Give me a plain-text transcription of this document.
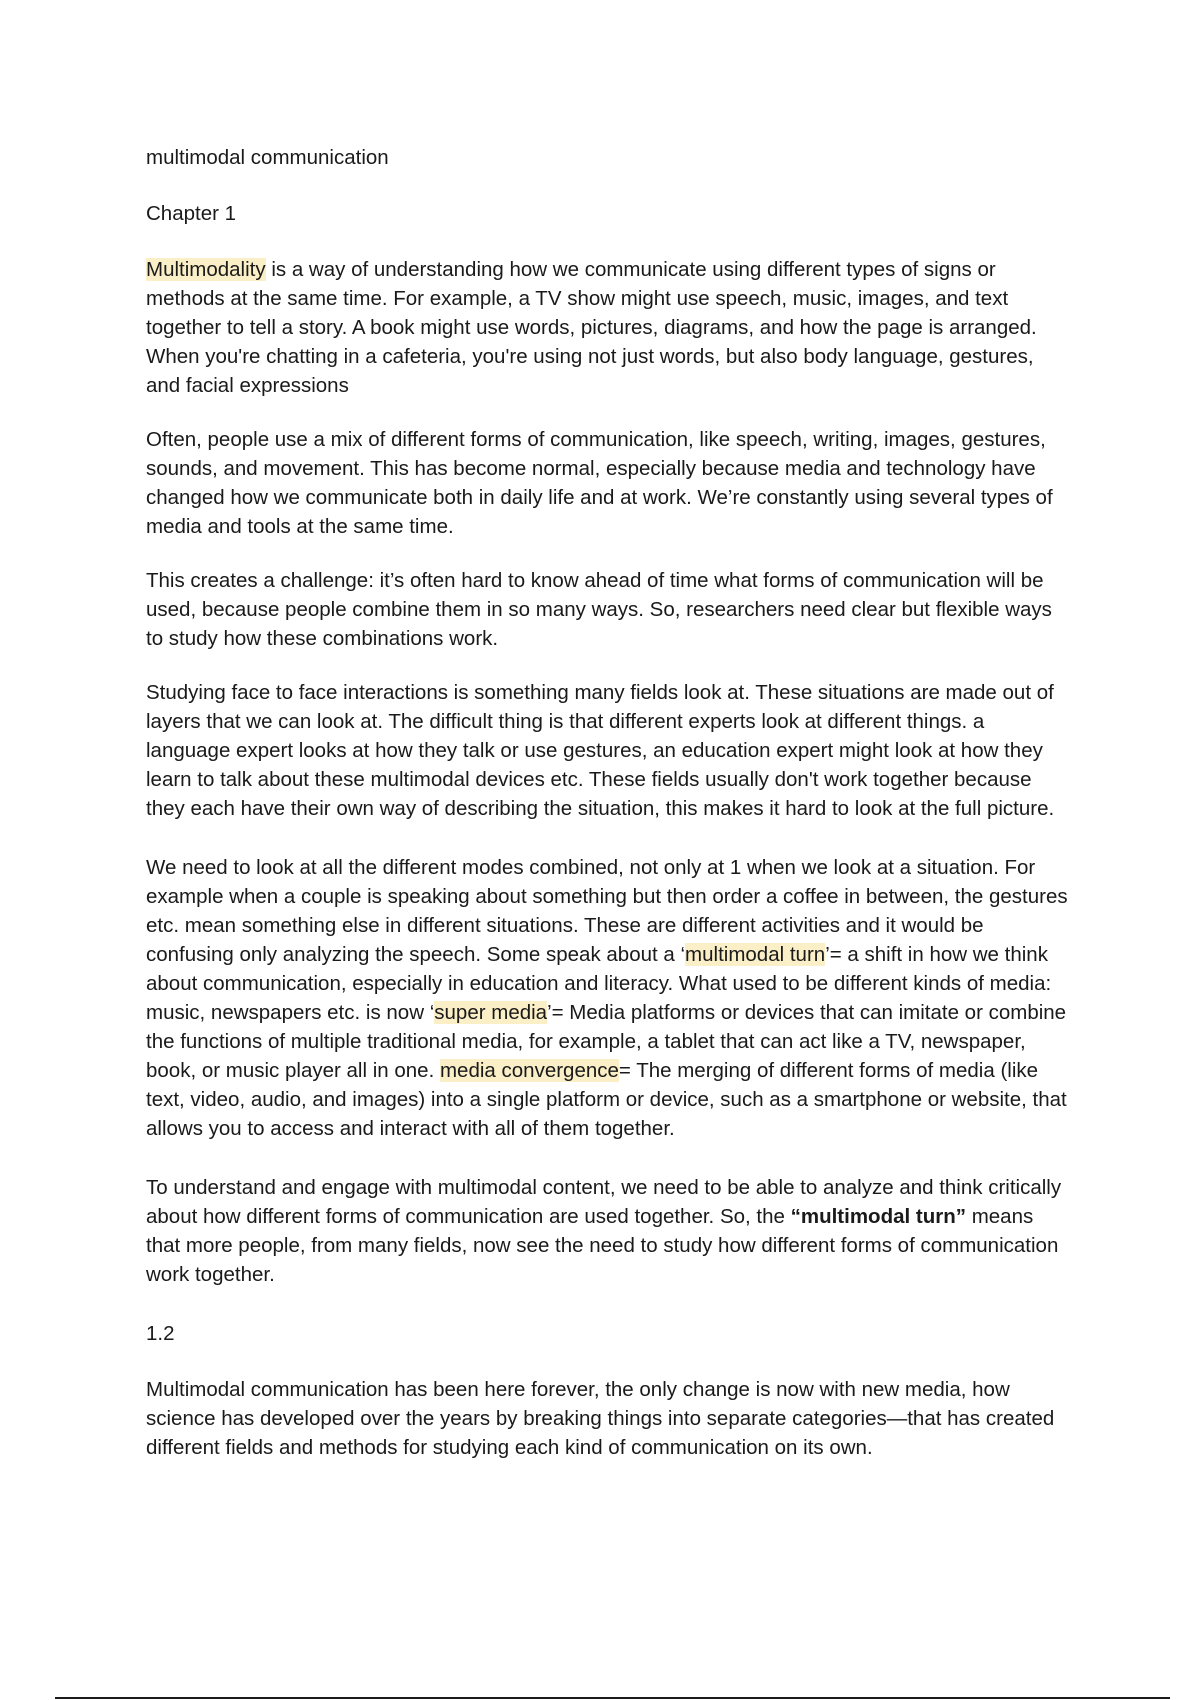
multimodal communication
Chapter 1

Multimodality is a way of understanding how we communicate using different types of signs or methods at the same time. For example, a TV show might use speech, music, images, and text together to tell a story. A book might use words, pictures, diagrams, and how the page is arranged. When you're chatting in a cafeteria, you're using not just words, but also body language, gestures, and facial expressions

Often, people use a mix of different forms of communication, like speech, writing, images, gestures, sounds, and movement. This has become normal, especially because media and technology have changed how we communicate both in daily life and at work. We’re constantly using several types of media and tools at the same time.

This creates a challenge: it’s often hard to know ahead of time what forms of communication will be used, because people combine them in so many ways. So, researchers need clear but flexible ways to study how these combinations work.

Studying face to face interactions is something many fields look at. These situations are made out of layers that we can look at. The difficult thing is that different experts look at different things. a language expert looks at how they talk or use gestures, an education expert might look at how they learn to talk about these multimodal devices etc. These fields usually don't work together because they each have their own way of describing the situation, this makes it hard to look at the full picture.

We need to look at all the different modes combined, not only at 1 when we look at a situation. For example when a couple is speaking about something but then order a coffee in between, the gestures etc. mean something else in different situations. These are different activities and it would be confusing only analyzing the speech. Some speak about a ‘multimodal turn’= a shift in how we think about communication, especially in education and literacy. What used to be different kinds of media: music, newspapers etc. is now ‘super media’= Media platforms or devices that can imitate or combine the functions of multiple traditional media, for example, a tablet that can act like a TV, newspaper, book, or music player all in one. media convergence= The merging of different forms of media (like text, video, audio, and images) into a single platform or device, such as a smartphone or website, that allows you to access and interact with all of them together.

To understand and engage with multimodal content, we need to be able to analyze and think critically about how different forms of communication are used together. So, the “multimodal turn” means that more people, from many fields, now see the need to study how different forms of communication work together.

1.2

Multimodal communication has been here forever, the only change is now with new media, how science has developed over the years by breaking things into separate categories—that has created different fields and methods for studying each kind of communication on its own.
